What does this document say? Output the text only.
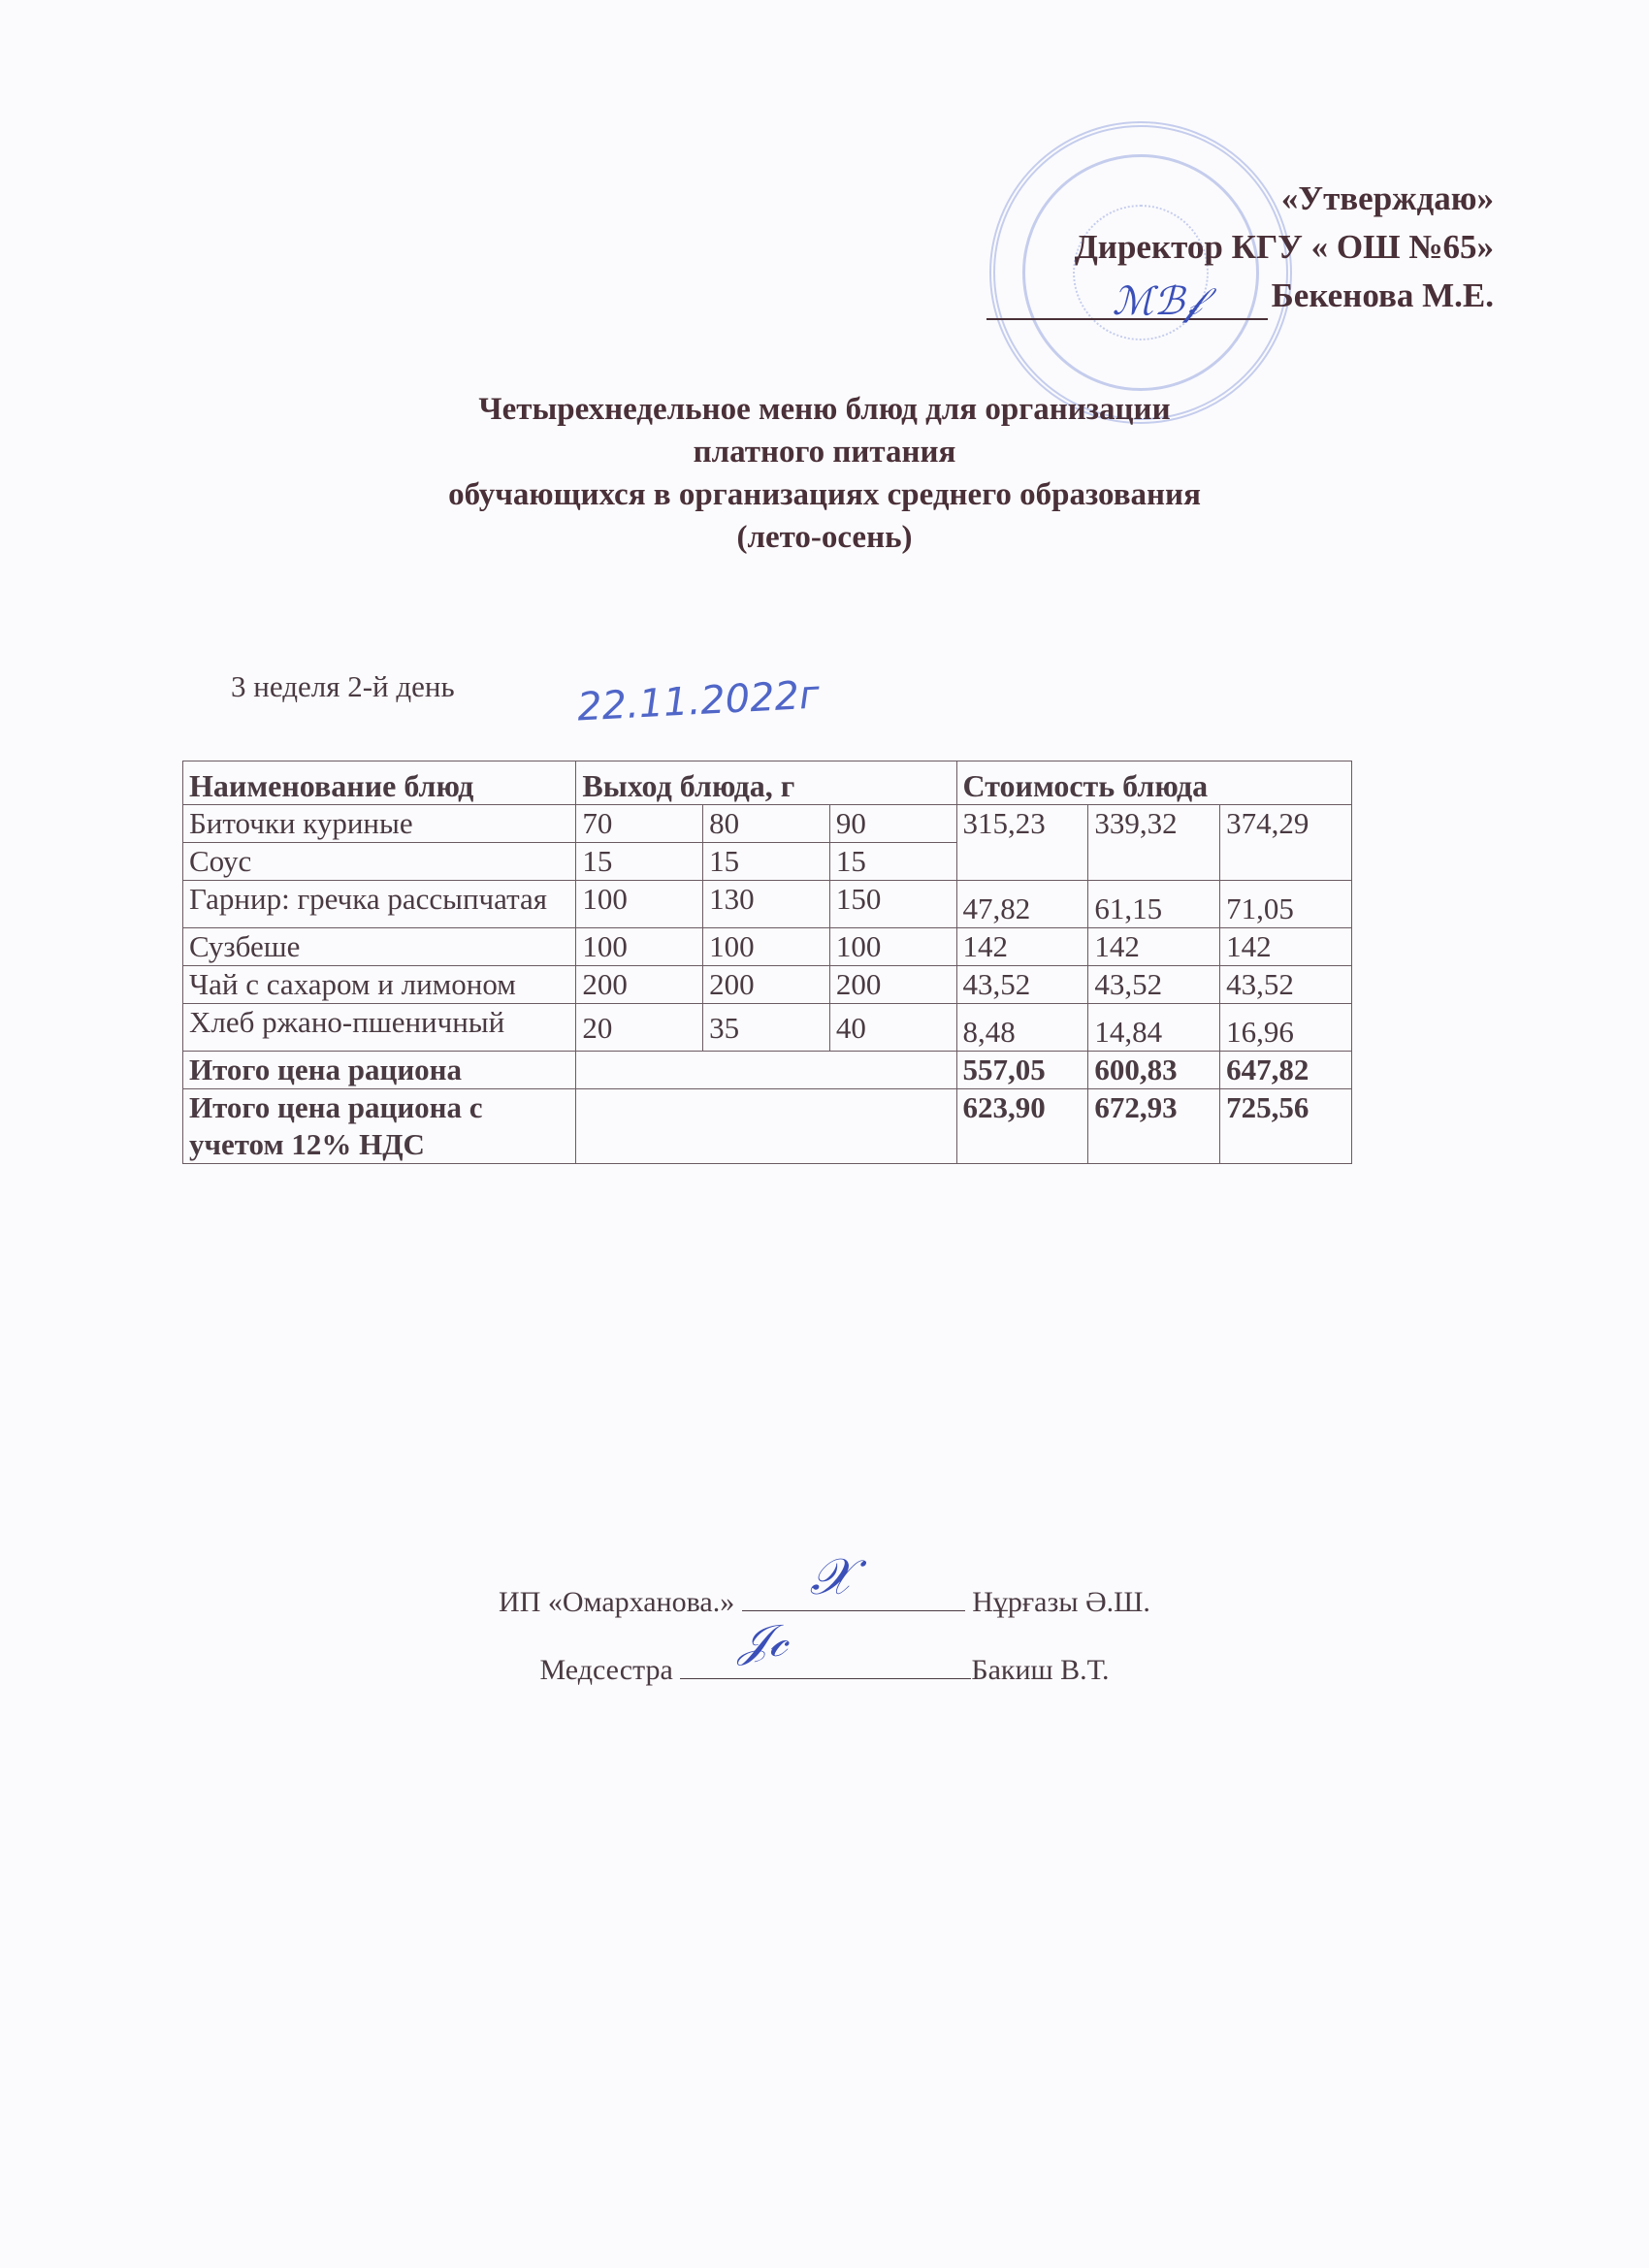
«Утверждаю»
Директор КГУ « ОШ №65»
ℳℬ𝒻 Бекенова М.Е.
Четырехнедельное меню блюд для организации
платного питания
обучающихся в организациях среднего образования
(лето-осень)
3 неделя 2-й день	22.11.2022г
Наименование блюд	Выход блюда, г			Стоимость блюда		
Биточки куриные	70	80	90	315,23	339,32	374,29
Соус	15	15	15			
Гарнир: гречка рассыпчатая	100	130	150	47,82	61,15	71,05
Сузбеше	100	100	100	142	142	142
Чай с сахаром и лимоном	200	200	200	43,52	43,52	43,52
Хлеб ржано-пшеничный	20	35	40	8,48	14,84	16,96
Итого цена рациона				557,05	600,83	647,82
Итого цена рациона с учетом 12% НДС				623,90	672,93	725,56
ИП «Омарханова.» 𝒳	Нұрғазы Ә.Ш.
Медсестра
𝒥𝒸
Бакиш В.Т.
